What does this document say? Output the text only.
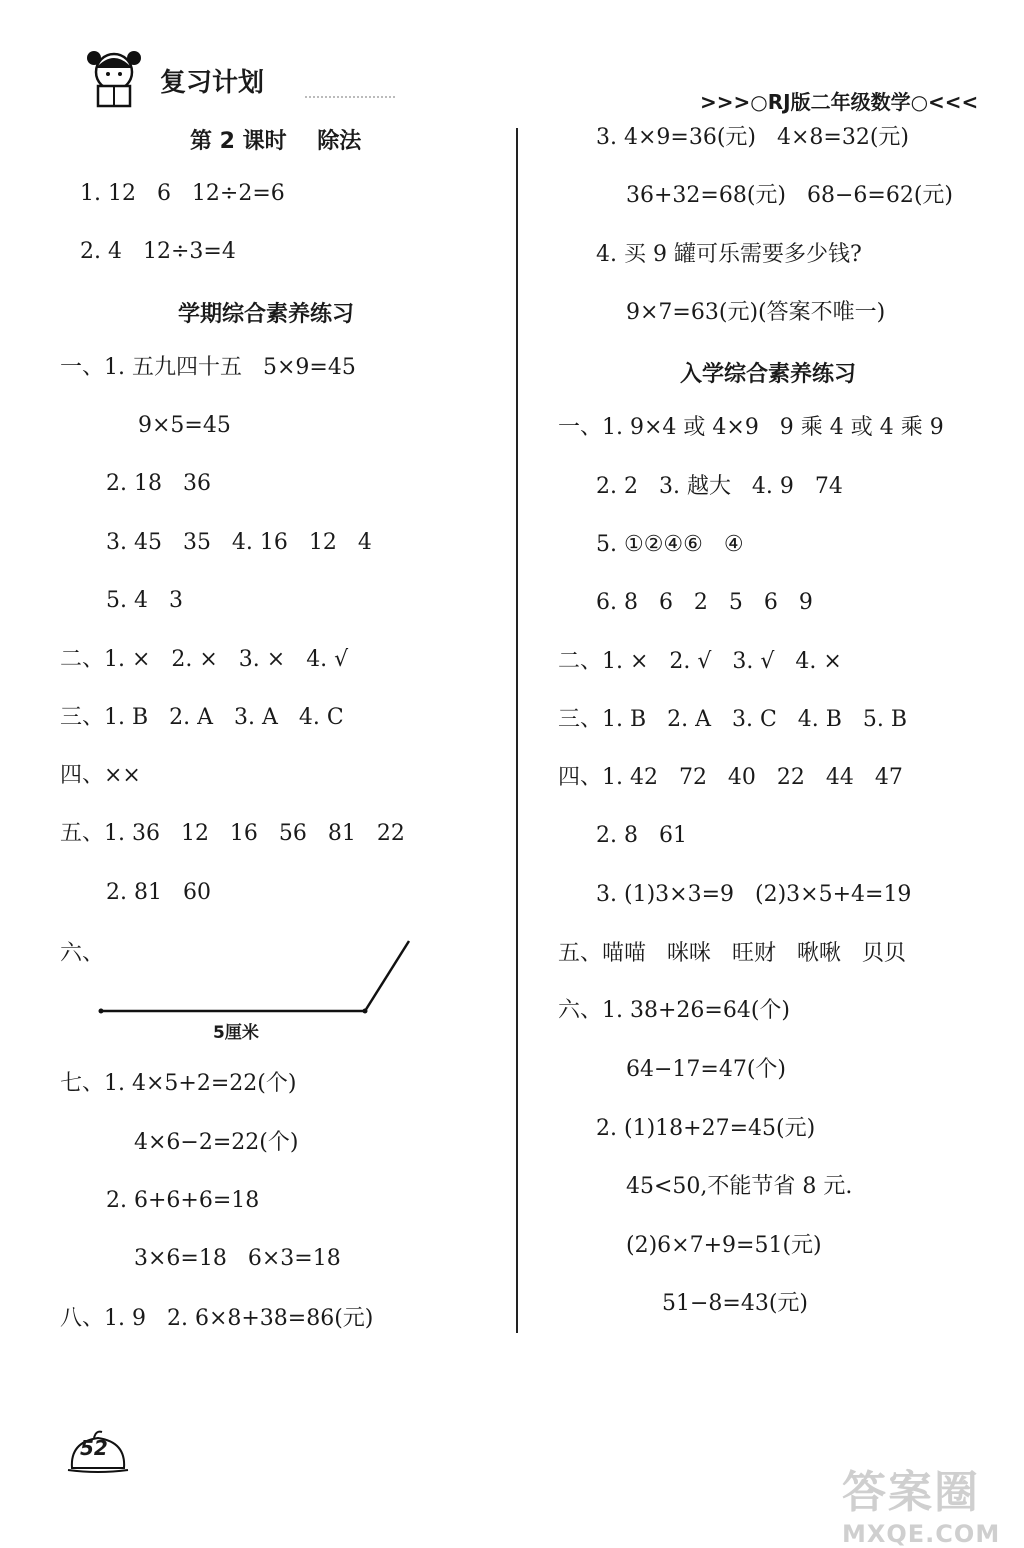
复习计划
>>>○RJ版二年级数学○<<<
第 2 课时    除法
1. 12   6   12÷2=6
2. 4   12÷3=4
学期综合素养练习
一、1. 五九四十五   5×9=45
9×5=45
2. 18   36
3. 45   35   4. 16   12   4
5. 4   3
二、1. ×   2. ×   3. ×   4. √
三、1. B   2. A   3. A   4. C
四、××
五、1. 36   12   16   56   81   22
2. 81   60
六、
5厘米
七、1. 4×5+2=22(个)
4×6−2=22(个)
2. 6+6+6=18
3×6=18   6×3=18
八、1. 9   2. 6×8+38=86(元)
3. 4×9=36(元)   4×8=32(元)
36+32=68(元)   68−6=62(元)
4. 买 9 罐可乐需要多少钱?
9×7=63(元)(答案不唯一)
入学综合素养练习
一、1. 9×4 或 4×9   9 乘 4 或 4 乘 9
2. 2   3. 越大   4. 9   74
5. ①②④⑥   ④
6. 8   6   2   5   6   9
二、1. ×   2. √   3. √   4. ×
三、1. B   2. A   3. C   4. B   5. B
四、1. 42   72   40   22   44   47
2. 8   61
3. (1)3×3=9   (2)3×5+4=19
五、喵喵   咪咪   旺财   啾啾   贝贝
六、1. 38+26=64(个)
64−17=47(个)
2. (1)18+27=45(元)
45<50,不能节省 8 元.
(2)6×7+9=51(元)
51−8=43(元)
52
答案圈
MXQE.COM
